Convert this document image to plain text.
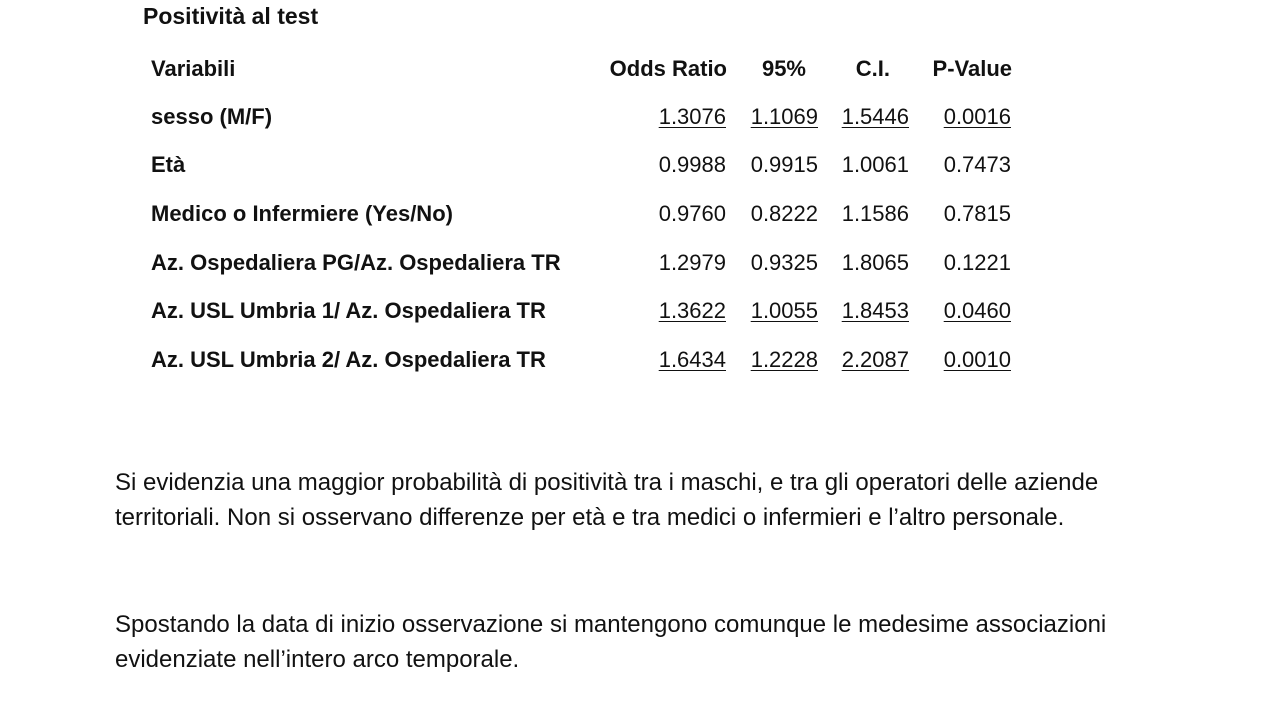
Positività al test
Variabili	Odds Ratio	95%	C.I.	P-Value
sesso (M/F)	1.3076	1.1069	1.5446	0.0016
Età	0.9988	0.9915	1.0061	0.7473
Medico o Infermiere (Yes/No)	0.9760	0.8222	1.1586	0.7815
Az. Ospedaliera PG/Az. Ospedaliera TR	1.2979	0.9325	1.8065	0.1221
Az. USL Umbria 1/ Az. Ospedaliera TR	1.3622	1.0055	1.8453	0.0460
Az. USL Umbria 2/ Az. Ospedaliera TR	1.6434	1.2228	2.2087	0.0010

Si evidenzia una maggior probabilità di positività tra i maschi, e tra gli operatori delle aziende territoriali. Non si osservano differenze per età e tra medici o infermieri e l’altro personale.

Spostando la data di inizio osservazione si mantengono comunque le medesime associazioni evidenziate nell’intero arco temporale.
